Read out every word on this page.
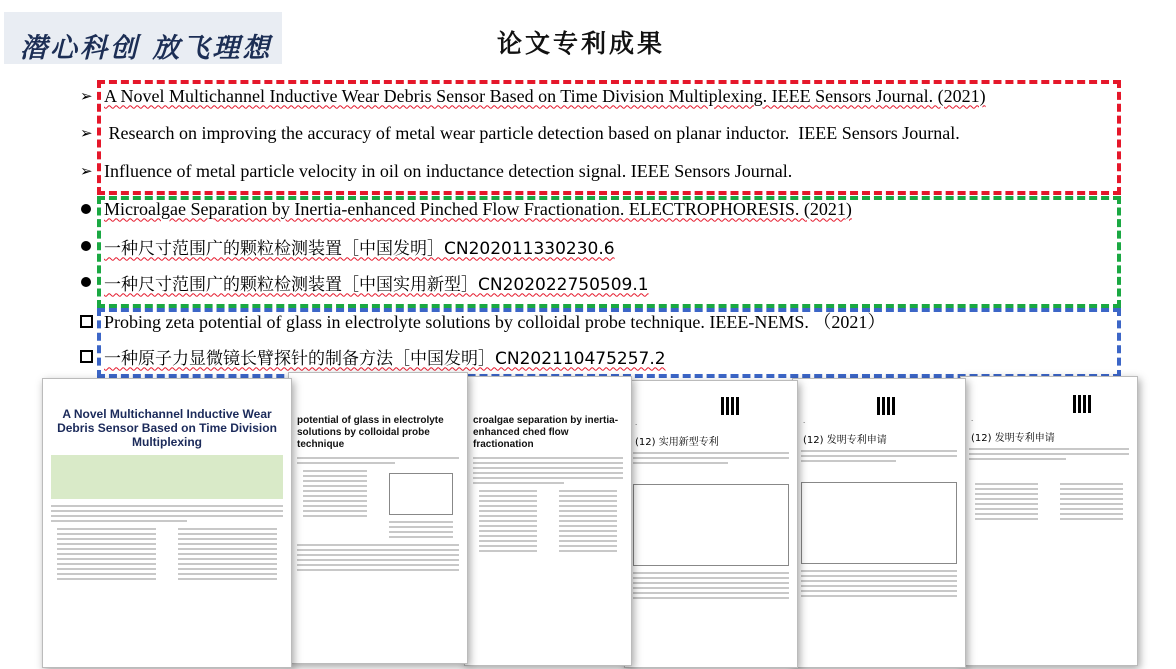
潜心科创 放飞理想	论文专利成果
➢ A Novel Multichannel Inductive Wear Debris Sensor Based on Time Division Multiplexing. IEEE Sensors Journal. (2021)
➢ Research on improving the accuracy of metal wear particle detection based on planar inductor.  IEEE Sensors Journal.
➢ Influence of metal particle velocity in oil on inductance detection signal. IEEE Sensors Journal.
Microalgae Separation by Inertia-enhanced Pinched Flow Fractionation. ELECTROPHORESIS. (2021)
一种尺寸范围广的颗粒检测装置［中国发明］CN202011330230.6
一种尺寸范围广的颗粒检测装置［中国实用新型］CN202022750509.1
Probing zeta potential of glass in electrolyte solutions by colloidal probe technique. IEEE-NEMS. （2021）
一种原子力显微镜长臂探针的制备方法［中国发明］CN202110475257.2
A Novel Multichannel Inductive Wear Debris Sensor Based on Time Division Multiplexing
potential of glass in electrolyte solutions by colloidal probe technique
croalgae separation by inertia-enhanced ched flow fractionation
·
(12) 实用新型专利
·
(12) 发明专利申请
·
(12) 发明专利申请
